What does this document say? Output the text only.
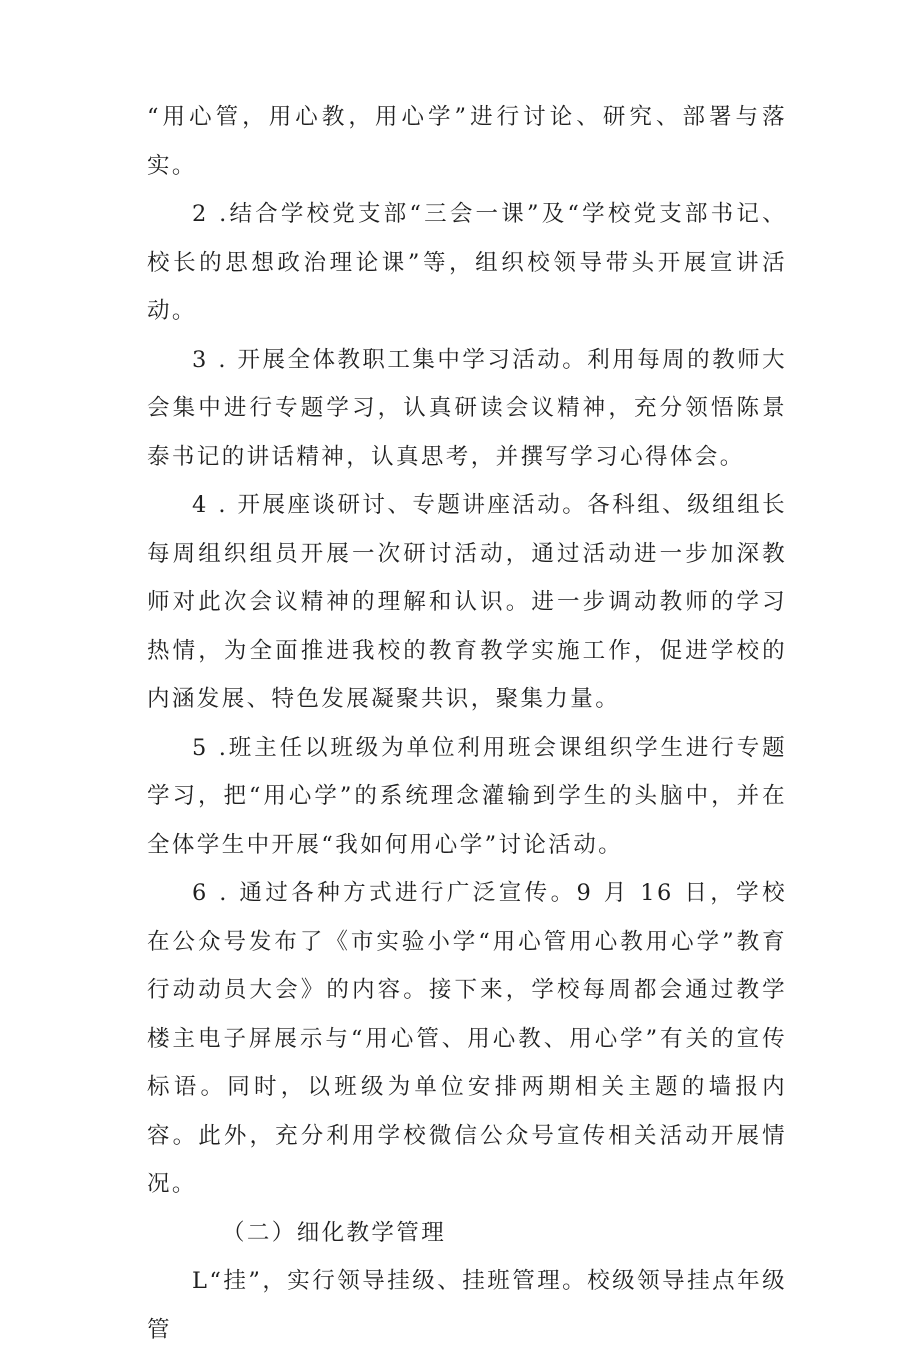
“用心管，用心教，用心学”进行讨论、研究、部署与落实。

2 .结合学校党支部“三会一课”及“学校党支部书记、校长的思想政治理论课”等，组织校领导带头开展宣讲活动。

3 . 开展全体教职工集中学习活动。利用每周的教师大会集中进行专题学习，认真研读会议精神，充分领悟陈景泰书记的讲话精神，认真思考，并撰写学习心得体会。

4 . 开展座谈研讨、专题讲座活动。各科组、级组组长每周组织组员开展一次研讨活动，通过活动进一步加深教师对此次会议精神的理解和认识。进一步调动教师的学习热情，为全面推进我校的教育教学实施工作，促进学校的内涵发展、特色发展凝聚共识，聚集力量。

5 .班主任以班级为单位利用班会课组织学生进行专题学习，把“用心学”的系统理念灌输到学生的头脑中，并在全体学生中开展“我如何用心学”讨论活动。

6 . 通过各种方式进行广泛宣传。9 月 16 日，学校在公众号发布了《市实验小学“用心管用心教用心学”教育行动动员大会》的内容。接下来，学校每周都会通过教学楼主电子屏展示与“用心管、用心教、用心学”有关的宣传标语。同时，以班级为单位安排两期相关主题的墙报内容。此外，充分利用学校微信公众号宣传相关活动开展情况。

（二）细化教学管理

L“挂”，实行领导挂级、挂班管理。校级领导挂点年级管
